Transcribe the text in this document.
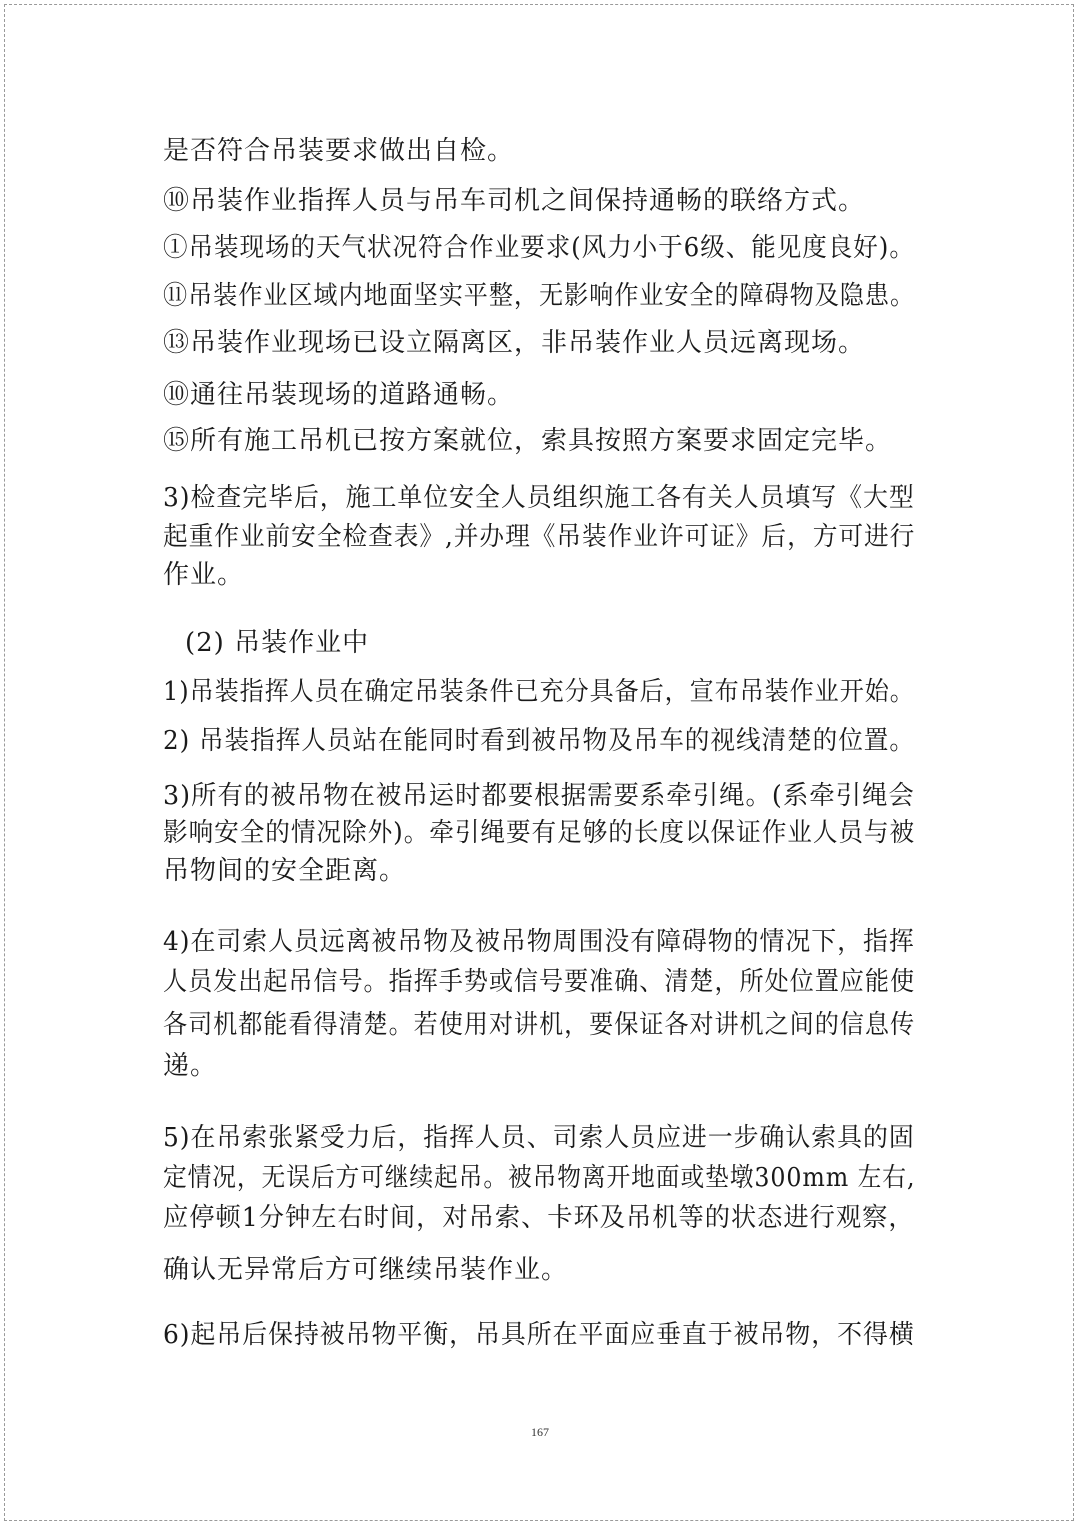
是否符合吊装要求做出自检。
⑩吊装作业指挥人员与吊车司机之间保持通畅的联络方式。
①吊装现场的天气状况符合作业要求(风力小于6级、能见度良好)。
⑪吊装作业区域内地面坚实平整，无影响作业安全的障碍物及隐患。
⑬吊装作业现场已设立隔离区，非吊装作业人员远离现场。
⑩通往吊装现场的道路通畅。
⑮所有施工吊机已按方案就位，索具按照方案要求固定完毕。
3)检查完毕后，施工单位安全人员组织施工各有关人员填写《大型
起重作业前安全检查表》,并办理《吊装作业许可证》后，方可进行
作业。
(2) 吊装作业中
1)吊装指挥人员在确定吊装条件已充分具备后，宣布吊装作业开始。
2) 吊装指挥人员站在能同时看到被吊物及吊车的视线清楚的位置。
3)所有的被吊物在被吊运时都要根据需要系牵引绳。(系牵引绳会
影响安全的情况除外)。牵引绳要有足够的长度以保证作业人员与被
吊物间的安全距离。
4)在司索人员远离被吊物及被吊物周围没有障碍物的情况下，指挥
人员发出起吊信号。指挥手势或信号要准确、清楚，所处位置应能使
各司机都能看得清楚。若使用对讲机，要保证各对讲机之间的信息传
递。
5)在吊索张紧受力后，指挥人员、司索人员应进一步确认索具的固
定情况，无误后方可继续起吊。被吊物离开地面或垫墩300mm 左右,
应停顿1分钟左右时间，对吊索、卡环及吊机等的状态进行观察，
确认无异常后方可继续吊装作业。
6)起吊后保持被吊物平衡，吊具所在平面应垂直于被吊物，不得横
167
